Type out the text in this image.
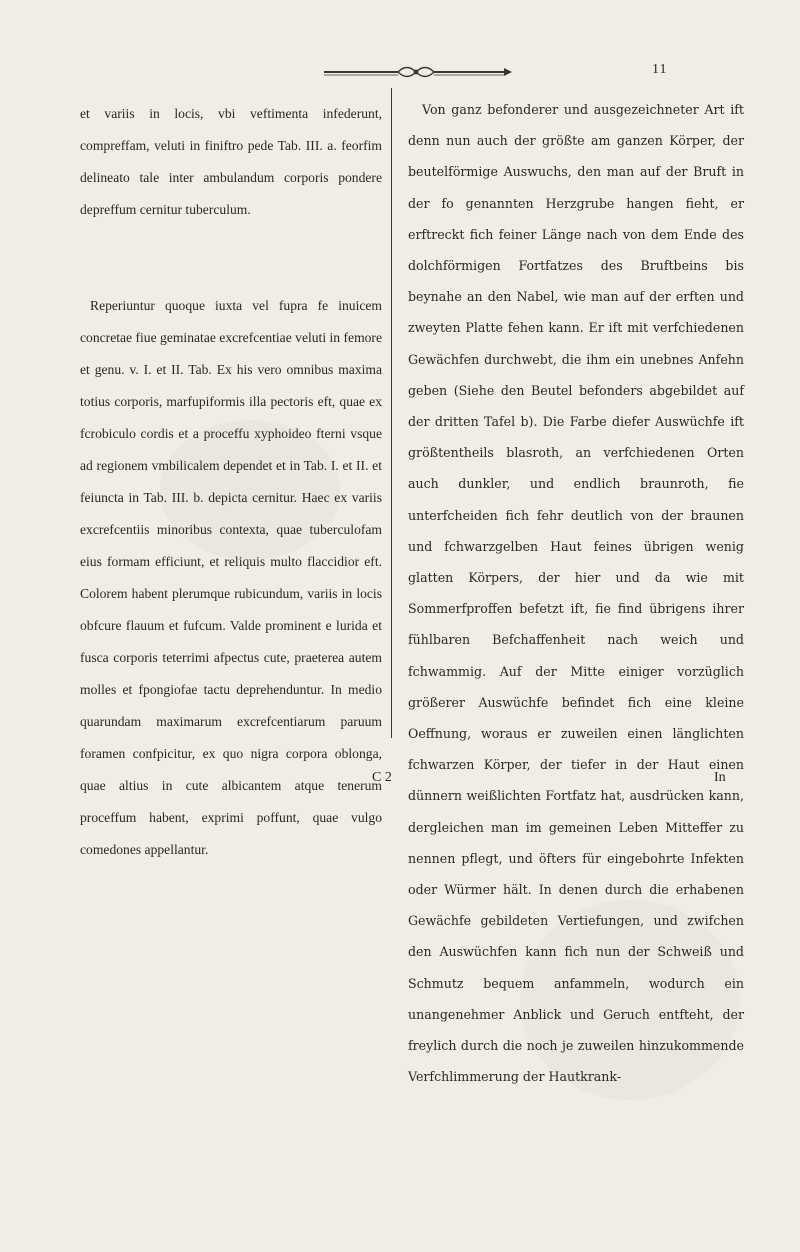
11

et variis in locis, vbi veftimenta infederunt, compreffam, veluti in finiftro pede Tab. III. a. feorfim delineato tale inter ambulandum corporis pondere depreffum cernitur tuberculum.

Reperiuntur quoque iuxta vel fupra fe inuicem concretae fiue geminatae excrefcentiae veluti in femore et genu. v. I. et II. Tab. Ex his vero omnibus maxima totius corporis, marfupiformis illa pectoris eft, quae ex fcrobiculo cordis et a proceffu xyphoideo fterni vsque ad regionem vmbilicalem dependet et in Tab. I. et II. et feiunctа in Tab. III. b. depicta cernitur. Haec ex variis excrefcentiis minoribus contexta, quae tuberculofam eius formam efficiunt, et reliquis multo flaccidior eft. Colorem habent plerumque rubicundum, variis in locis obfcure flauum et fufcum. Valde prominent e lurida et fusca corporis teterrimi afpectus cute, praeterea autem molles et fpongiofae tactu deprehenduntur. In medio quarundam maximarum excrefcentiarum paruum foramen confpicitur, ex quo nigra corpora oblonga, quae altius in cute albicantem atque tenerum proceffum habent, exprimi poffunt, quae vulgo comedones appellantur.

Von ganz befonderer und ausgezeichneter Art ift denn nun auch der größte am ganzen Körper, der beutelförmige Auswuchs, den man auf der Bruft in der fo genannten Herzgrube hangen fieht, er erftreckt fich feiner Länge nach von dem Ende des dolchförmigen Fortfatzes des Bruftbeins bis beynahe an den Nabel, wie man auf der erften und zweyten Platte fehen kann. Er ift mit verfchiedenen Gewächfen durchwebt, die ihm ein unebnes Anfehn geben (Siehe den Beutel befonders abgebildet auf der dritten Tafel b). Die Farbe diefer Auswüchfe ift größtentheils blasroth, an verfchiedenen Orten auch dunkler, und endlich braunroth, fie unterfcheiden fich fehr deutlich von der braunen und fchwarzgelben Haut feines übrigen wenig glatten Körpers, der hier und da wie mit Sommerfproffen befetzt ift, fie find übrigens ihrer fühlbaren Befchaffenheit nach weich und fchwammig. Auf der Mitte einiger vorzüglich größerer Auswüchfe befindet fich eine kleine Oeffnung, woraus er zuweilen einen länglichten fchwarzen Körper, der tiefer in der Haut einen dünnern weißlichten Fortfatz hat, ausdrücken kann, dergleichen man im gemeinen Leben Mitteffer zu nennen pflegt, und öfters für eingebohrte Infekten oder Würmer hält. In denen durch die erhabenen Gewächfe gebildeten Vertiefungen, und zwifchen den Auswüchfen kann fich nun der Schweiß und Schmutz bequem anfammeln, wodurch ein unangenehmer Anblick und Geruch entfteht, der freylich durch die noch je zuweilen hinzukommende Verfchlimmerung der Hautkrank-

C 2	In
